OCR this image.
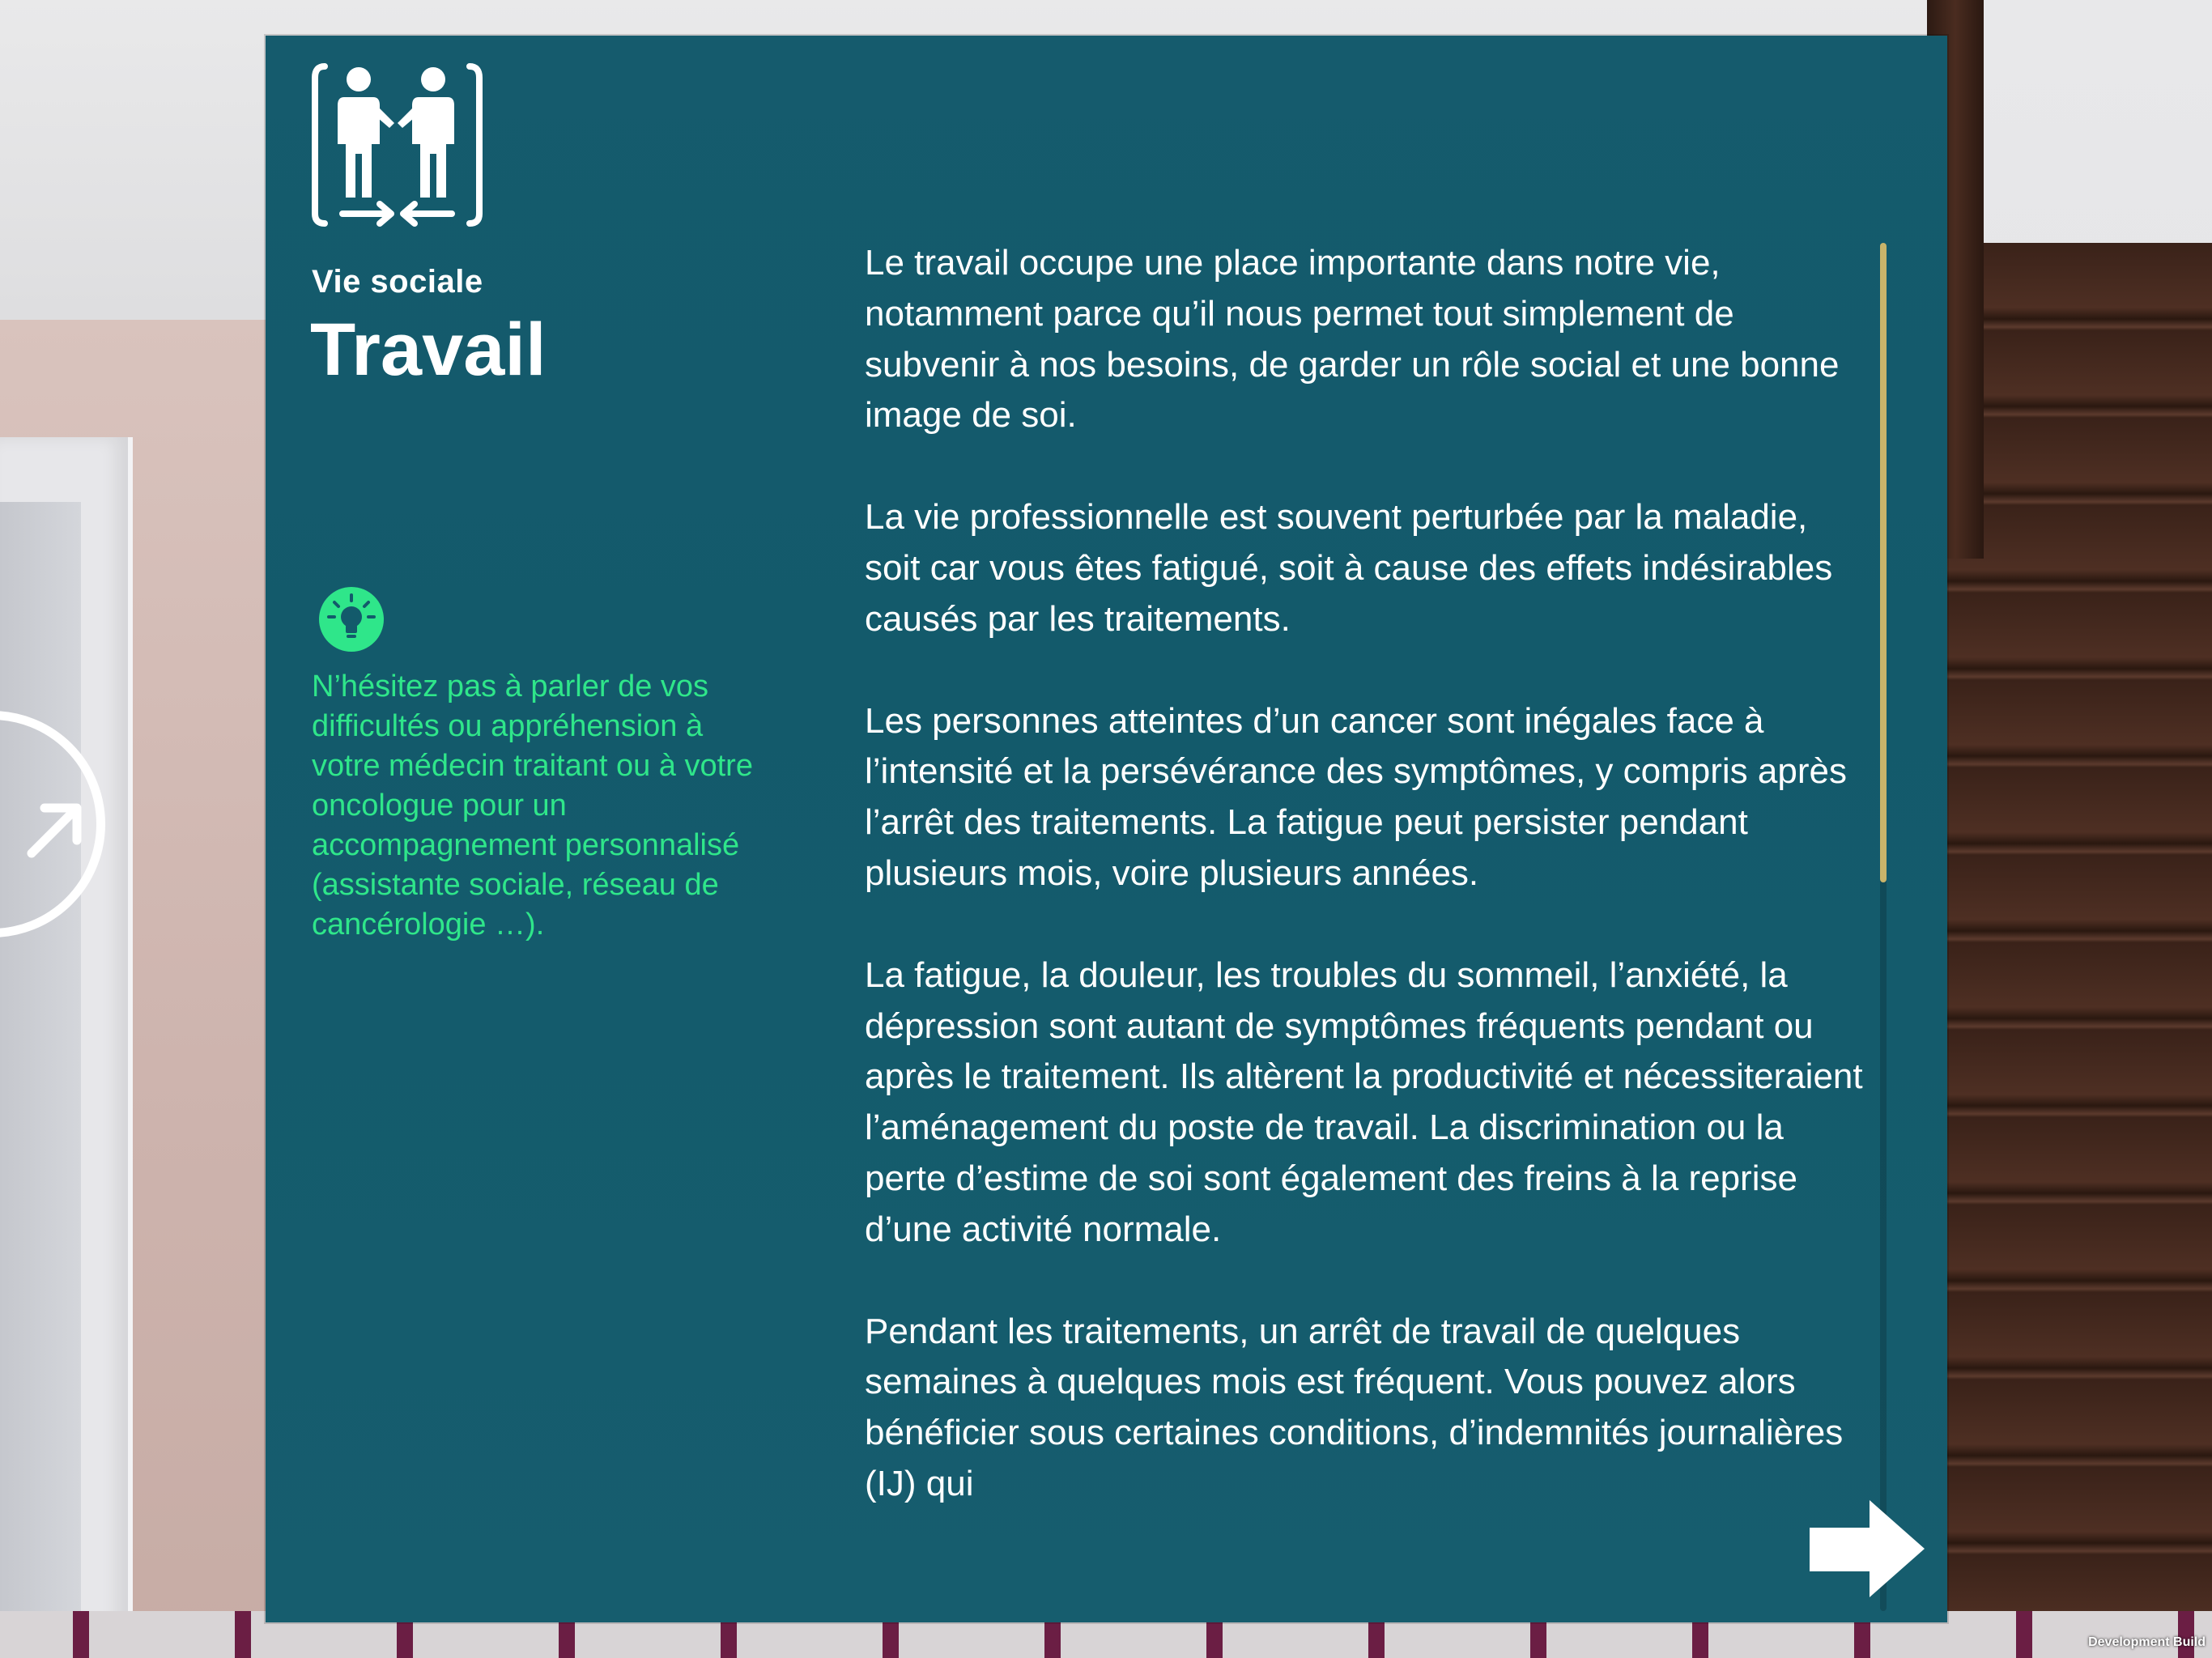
Vie sociale
Travail
N’hésitez pas à parler de vos difficultés ou appréhension à votre médecin traitant ou à votre oncologue pour un accompagnement personnalisé (assistante sociale, réseau de cancérologie …).

Le travail occupe une place importante dans notre vie, notamment parce qu’il nous permet tout simplement de subvenir à nos besoins, de garder un rôle social et une bonne image de soi.

La vie professionnelle est souvent perturbée par la maladie, soit car vous êtes fatigué, soit à cause des effets indésirables causés par les traitements.

Les personnes atteintes d’un cancer sont inégales face à l’intensité et la persévérance des symptômes, y compris après l’arrêt des traitements. La fatigue peut persister pendant plusieurs mois, voire plusieurs années.

La fatigue, la douleur, les troubles du sommeil, l’anxiété, la dépression sont autant de symptômes fréquents pendant ou après le traitement. Ils altèrent la productivité et nécessiteraient l’aménagement du poste de travail. La discrimination ou la perte d’estime de soi sont également des freins à la reprise d’une activité normale.

Pendant les traitements, un arrêt de travail de quelques semaines à quelques mois est fréquent. Vous pouvez alors bénéficier sous certaines conditions, d’indemnités journalières (IJ) qui

Development Build
